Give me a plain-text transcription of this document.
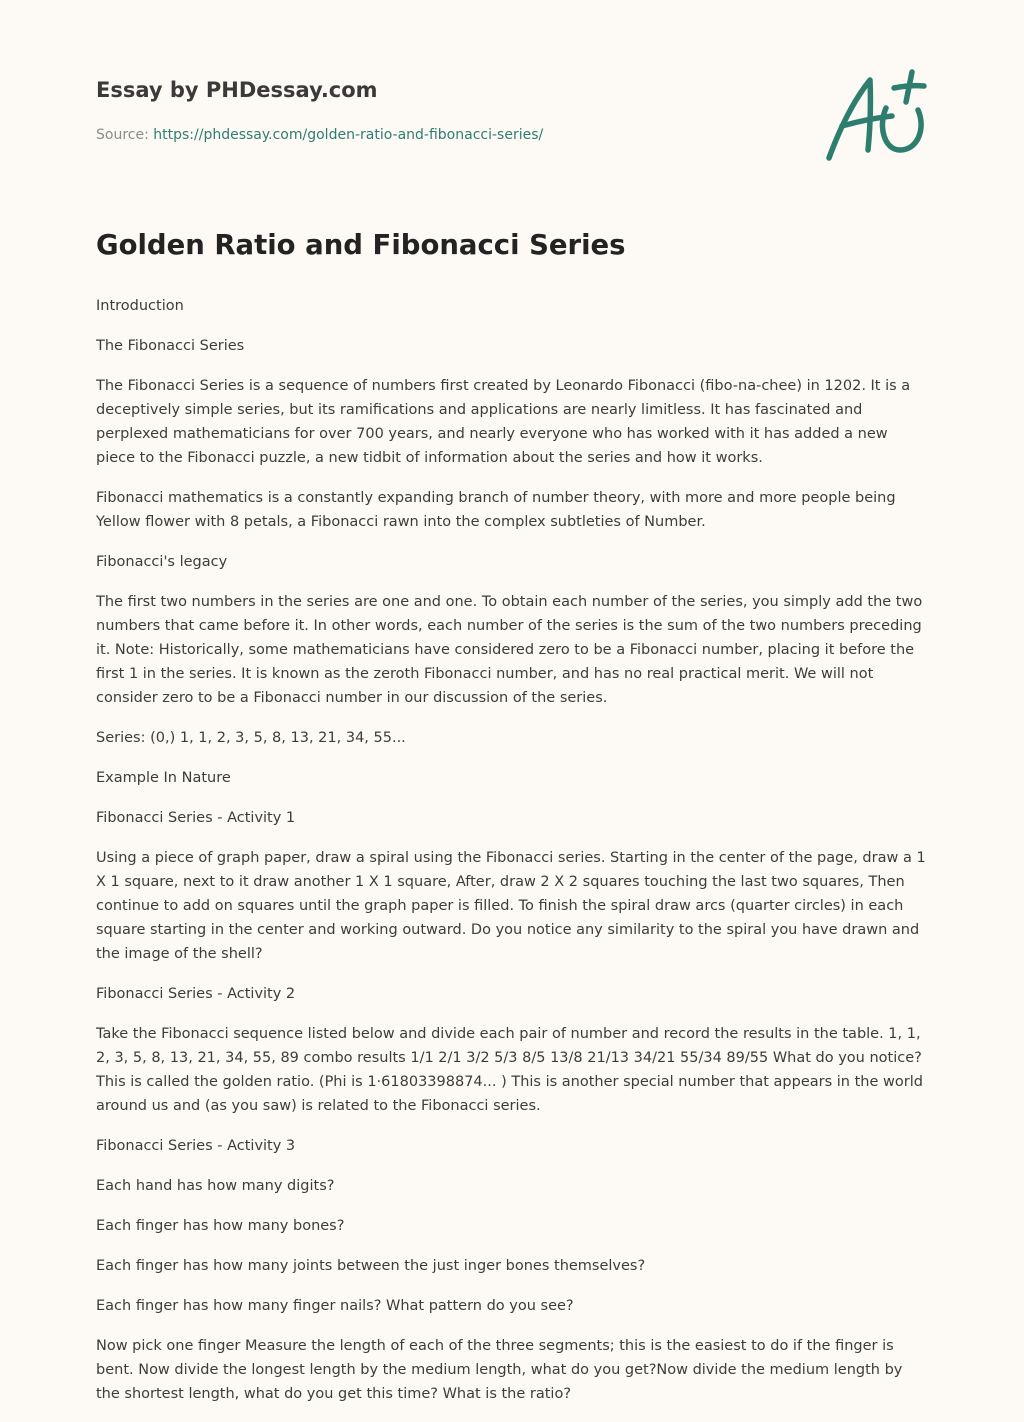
Essay by PHDessay.com

Source: https://phdessay.com/golden-ratio-and-fibonacci-series/

Golden Ratio and Fibonacci Series

Introduction

The Fibonacci Series

The Fibonacci Series is a sequence of numbers first created by Leonardo Fibonacci (fibo-na-chee) in 1202. It is a deceptively simple series, but its ramifications and applications are nearly limitless. It has fascinated and perplexed mathematicians for over 700 years, and nearly everyone who has worked with it has added a new piece to the Fibonacci puzzle, a new tidbit of information about the series and how it works.

Fibonacci mathematics is a constantly expanding branch of number theory, with more and more people being Yellow flower with 8 petals, a Fibonacci rawn into the complex subtleties of Number.

Fibonacci's legacy

The first two numbers in the series are one and one. To obtain each number of the series, you simply add the two numbers that came before it. In other words, each number of the series is the sum of the two numbers preceding it. Note: Historically, some mathematicians have considered zero to be a Fibonacci number, placing it before the first 1 in the series. It is known as the zeroth Fibonacci number, and has no real practical merit. We will not consider zero to be a Fibonacci number in our discussion of the series.

Series: (0,) 1, 1, 2, 3, 5, 8, 13, 21, 34, 55...

Example In Nature

Fibonacci Series - Activity 1

Using a piece of graph paper, draw a spiral using the Fibonacci series. Starting in the center of the page, draw a 1 X 1 square, next to it draw another 1 X 1 square, After, draw 2 X 2 squares touching the last two squares, Then continue to add on squares until the graph paper is filled. To finish the spiral draw arcs (quarter circles) in each square starting in the center and working outward. Do you notice any similarity to the spiral you have drawn and the image of the shell?

Fibonacci Series - Activity 2

Take the Fibonacci sequence listed below and divide each pair of number and record the results in the table. 1, 1, 2, 3, 5, 8, 13, 21, 34, 55, 89 combo results 1/1 2/1 3/2 5/3 8/5 13/8 21/13 34/21 55/34 89/55 What do you notice? This is called the golden ratio. (Phi is 1·61803398874... ) This is another special number that appears in the world around us and (as you saw) is related to the Fibonacci series.

Fibonacci Series - Activity 3

Each hand has how many digits?

Each finger has how many bones?

Each finger has how many joints between the just inger bones themselves?

Each finger has how many finger nails? What pattern do you see?

Now pick one finger Measure the length of each of the three segments; this is the easiest to do if the finger is bent. Now divide the longest length by the medium length, what do you get?Now divide the medium length by the shortest length, what do you get this time? What is the ratio?
